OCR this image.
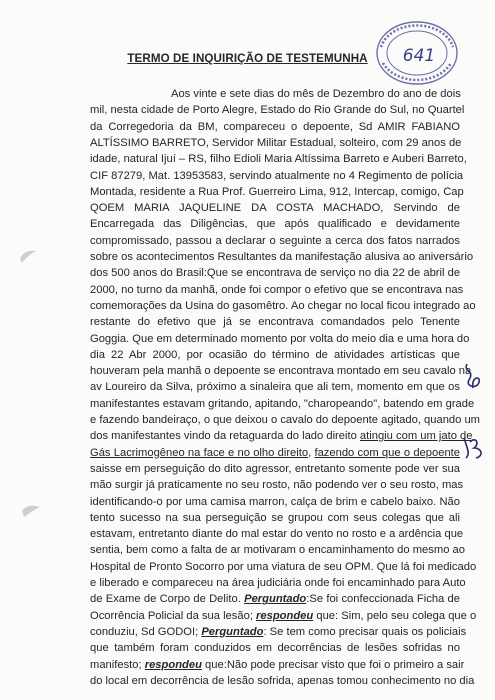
641
TERMO DE INQUIRIÇÃO DE TESTEMUNHA
Aos vinte e sete dias do mês de Dezembro do ano de dois
mil, nesta cidade de Porto Alegre, Estado do Rio Grande do Sul, no Quartel
da Corregedoria da BM, compareceu o depoente, Sd AMIR FABIANO
ALTÍSSIMO BARRETO, Servidor Militar Estadual, solteiro, com 29 anos de
idade, natural Ijuí – RS, filho Edioli Maria Altíssima Barreto e Auberi Barreto,
CIF 87279, Mat. 13953583, servindo atualmente no 4 Regimento de polícia
Montada, residente a Rua Prof. Guerreiro Lima, 912, Intercap, comigo, Cap
QOEM MARIA JAQUELINE DA COSTA MACHADO, Servindo de
Encarregada das Diligências, que após qualificado e devidamente
compromissado, passou a declarar o seguinte a cerca dos fatos narrados
sobre os acontecimentos Resultantes da manifestação alusiva ao aniversário
dos 500 anos do Brasil:Que se encontrava de serviço no dia 22 de abril de
2000, no turno da manhã, onde foi compor o efetivo que se encontrava nas
comemorações da Usina do gasomêtro. Ao chegar no local ficou integrado ao
restante do efetivo que já se encontrava comandados pelo Tenente
Goggia. Que em determinado momento por volta do meio dia e uma hora do
dia 22 Abr 2000, por ocasião do término de atividades artísticas que
houveram pela manhã o depoente se encontrava montado em seu cavalo na
av Loureiro da Silva, próximo a sinaleira que ali tem, momento em que os
manifestantes estavam gritando, apitando, "charopeando", batendo em grade
e fazendo bandeiraço, o que deixou o cavalo do depoente agitado, quando um
dos manifestantes vindo da retaguarda do lado direito atingiu com um jato de
Gás Lacrimogêneo na face e no olho direito, fazendo com que o depoente
saisse em perseguição do dito agressor, entretanto somente pode ver sua
mão surgir já praticamente no seu rosto, não podendo ver o seu rosto, mas
identificando-o por uma camisa marron, calça de brim e cabelo baixo. Não
tento sucesso na sua perseguição se grupou com seus colegas que ali
estavam, entretanto diante do mal estar do vento no rosto e a ardência que
sentia, bem como a falta de ar motivaram o encaminhamento do mesmo ao
Hospital de Pronto Socorro por uma viatura de seu OPM. Que lá foi medicado
e liberado e compareceu na área judiciária onde foi encaminhado para Auto
de Exame de Corpo de Delito. Perguntado:Se foi confeccionada Ficha de
Ocorrência Policial da sua lesão; respondeu que: Sim, pelo seu colega que o
conduziu, Sd GODOI; Perguntado: Se tem como precisar quais os policiais
que também foram conduzidos em decorrências de lesões sofridas no
manifesto; respondeu que:Não pode precisar visto que foi o primeiro a sair
do local em decorrência de lesão sofrida, apenas tomou conhecimento no dia
